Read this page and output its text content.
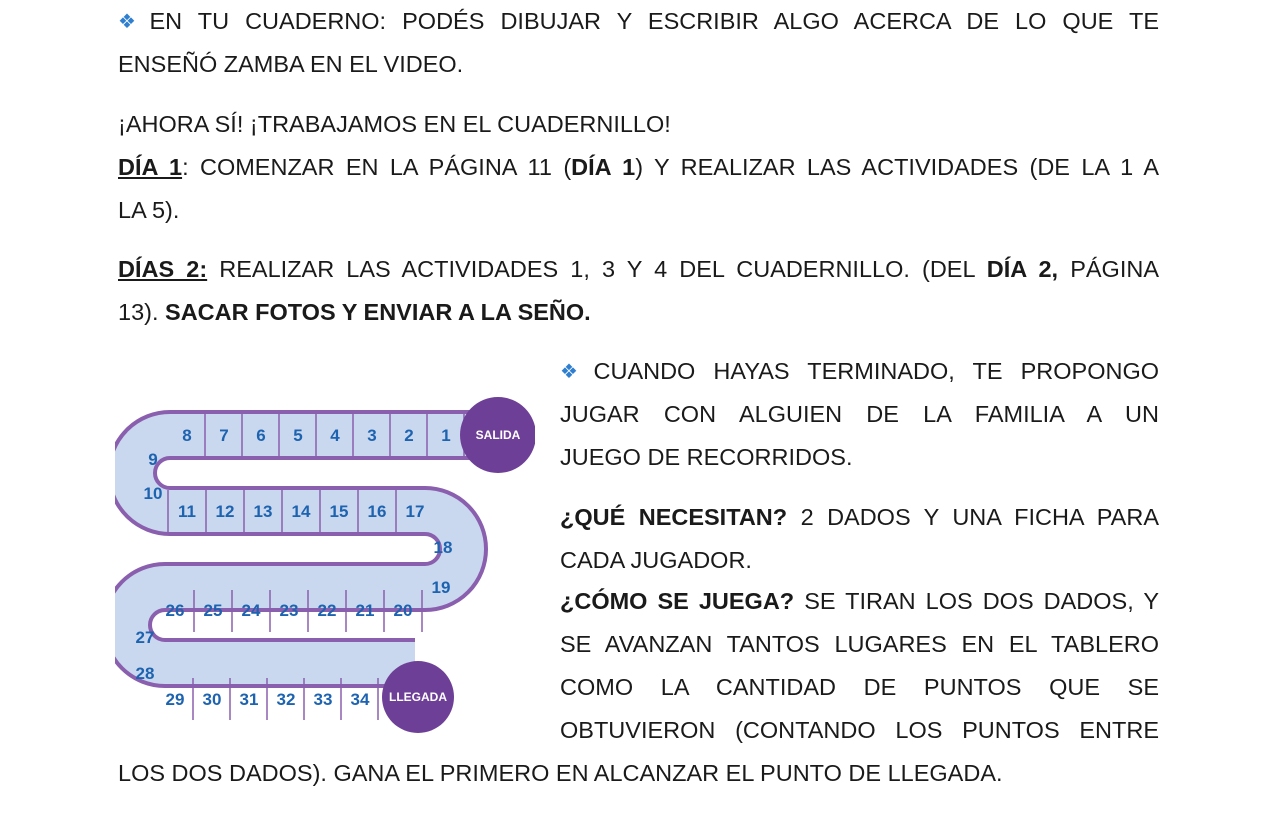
❖ EN TU CUADERNO: PODÉS DIBUJAR Y ESCRIBIR ALGO ACERCA DE LO QUE TE
ENSEÑÓ ZAMBA EN EL VIDEO.
¡AHORA SÍ! ¡TRABAJAMOS EN EL CUADERNILLO!
DÍA 1: COMENZAR EN LA PÁGINA 11 (DÍA 1) Y REALIZAR LAS ACTIVIDADES (DE LA 1 A
LA 5).
DÍAS 2: REALIZAR LAS ACTIVIDADES 1, 3 Y 4 DEL CUADERNILLO. (DEL DÍA 2, PÁGINA
13). SACAR FOTOS Y ENVIAR A LA SEÑO.
❖ CUANDO HAYAS TERMINADO, TE PROPONGO
JUGAR CON ALGUIEN DE LA FAMILIA A UN
JUEGO DE RECORRIDOS.
¿QUÉ NECESITAN? 2 DADOS Y UNA FICHA PARA
CADA JUGADOR.
¿CÓMO SE JUEGA? SE TIRAN LOS DOS DADOS, Y
SE AVANZAN TANTOS LUGARES EN EL TABLERO
COMO LA CANTIDAD DE PUNTOS QUE SE
OBTUVIERON (CONTANDO LOS PUNTOS ENTRE
LOS DOS DADOS). GANA EL PRIMERO EN ALCANZAR EL PUNTO DE LLEGADA.
8 7 6 5 4 3 2 1
9
10
11 12 13 14 15 16 17
18
19
26 25 24 23 22 21 20
27
28
29 30 31 32 33 34
SALIDA
LLEGADA
